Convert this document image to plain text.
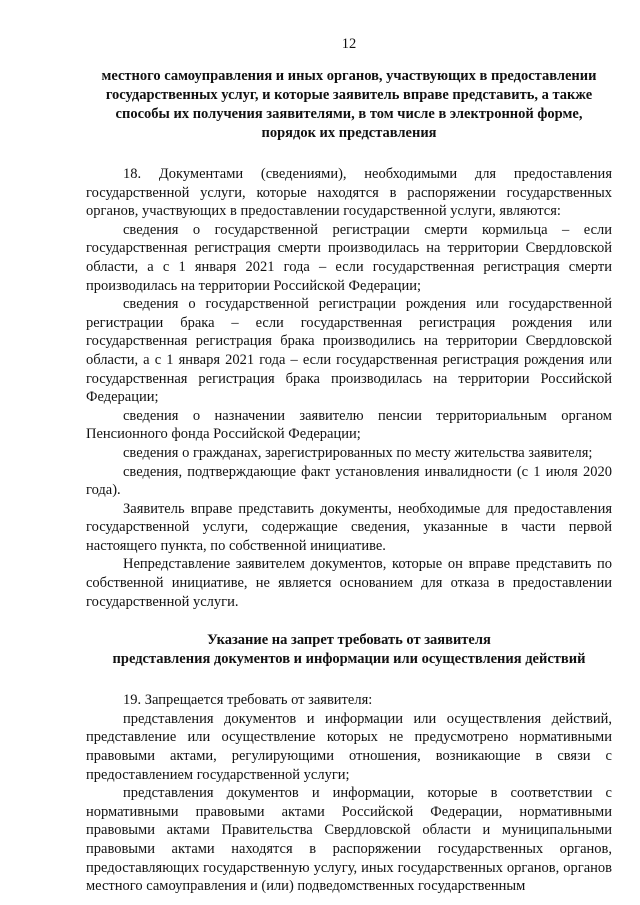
12
местного самоуправления и иных органов, участвующих в предоставлении
государственных услуг, и которые заявитель вправе представить, а также
способы их получения заявителями, в том числе в электронной форме,
порядок их представления

18. Документами (сведениями), необходимыми для предоставления государственной услуги, которые находятся в распоряжении государственных органов, участвующих в предоставлении государственной услуги, являются:

сведения о государственной регистрации смерти кормильца – если государственная регистрация смерти производилась на территории Свердловской области, а с 1 января 2021 года – если государственная регистрация смерти производилась на территории Российской Федерации;

сведения о государственной регистрации рождения или государственной регистрации брака – если государственная регистрация рождения или государственная регистрация брака производились на территории Свердловской области, а с 1 января 2021 года – если государственная регистрация рождения или государственная регистрация брака производилась на территории Российской Федерации;

сведения о назначении заявителю пенсии территориальным органом Пенсионного фонда Российской Федерации;

сведения о гражданах, зарегистрированных по месту жительства заявителя;

сведения, подтверждающие факт установления инвалидности (с 1 июля 2020 года).

Заявитель вправе представить документы, необходимые для предоставления государственной услуги, содержащие сведения, указанные в части первой настоящего пункта, по собственной инициативе.

Непредставление заявителем документов, которые он вправе представить по собственной инициативе, не является основанием для отказа в предоставлении государственной услуги.

Указание на запрет требовать от заявителя
представления документов и информации или осуществления действий

19. Запрещается требовать от заявителя:

представления документов и информации или осуществления действий, представление или осуществление которых не предусмотрено нормативными правовыми актами, регулирующими отношения, возникающие в связи с предоставлением государственной услуги;

представления документов и информации, которые в соответствии с нормативными правовыми актами Российской Федерации, нормативными правовыми актами Правительства Свердловской области и муниципальными правовыми актами находятся в распоряжении государственных органов, предоставляющих государственную услугу, иных государственных органов, органов местного самоуправления и (или) подведомственных государственным
